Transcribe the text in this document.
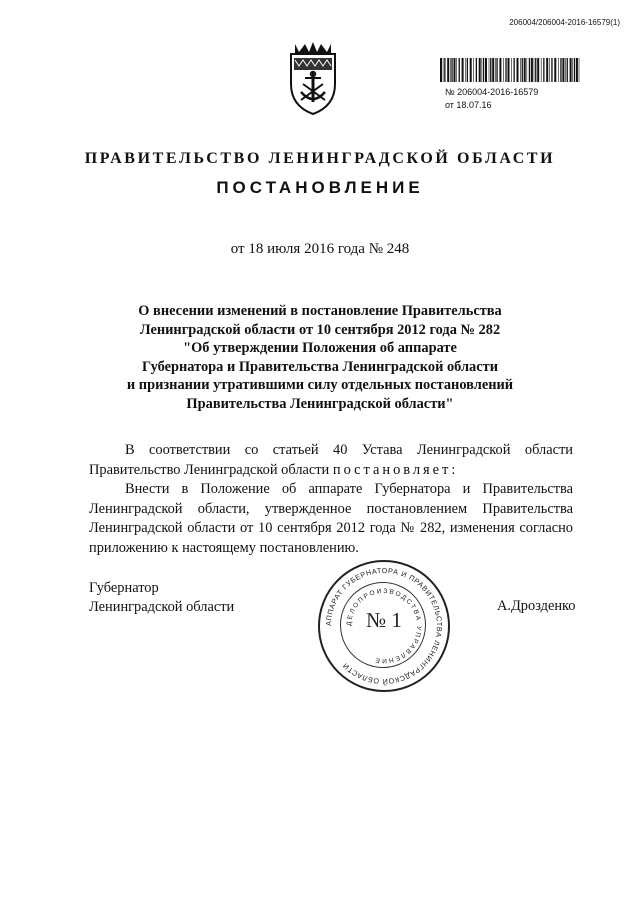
206004/206004-2016-16579(1)
№ 206004-2016-16579
от 18.07.16
ПРАВИТЕЛЬСТВО ЛЕНИНГРАДСКОЙ ОБЛАСТИ
ПОСТАНОВЛЕНИЕ
от 18 июля 2016 года № 248
О внесении изменений в постановление Правительства
Ленинградской области от 10 сентября 2012 года № 282
"Об утверждении Положения об аппарате
Губернатора и Правительства Ленинградской области
и признании утратившими силу отдельных постановлений
Правительства Ленинградской области"

В соответствии со статьей 40 Устава Ленинградской области Правительство Ленинградской области постановляет:

Внести в Положение об аппарате Губернатора и Правительства Ленинградской области, утвержденное постановлением Правительства Ленинградской области от 10 сентября 2012 года № 282, изменения согласно приложению к настоящему постановлению.

Губернатор
Ленинградской области	А.Дрозденко
АППАРАТ ГУБЕРНАТОРА И ПРАВИТЕЛЬСТВА ЛЕНИНГРАДСКОЙ ОБЛАСТИ
ДЕЛОПРОИЗВОДСТВА УПРАВЛЕНИЕ
№ 1
